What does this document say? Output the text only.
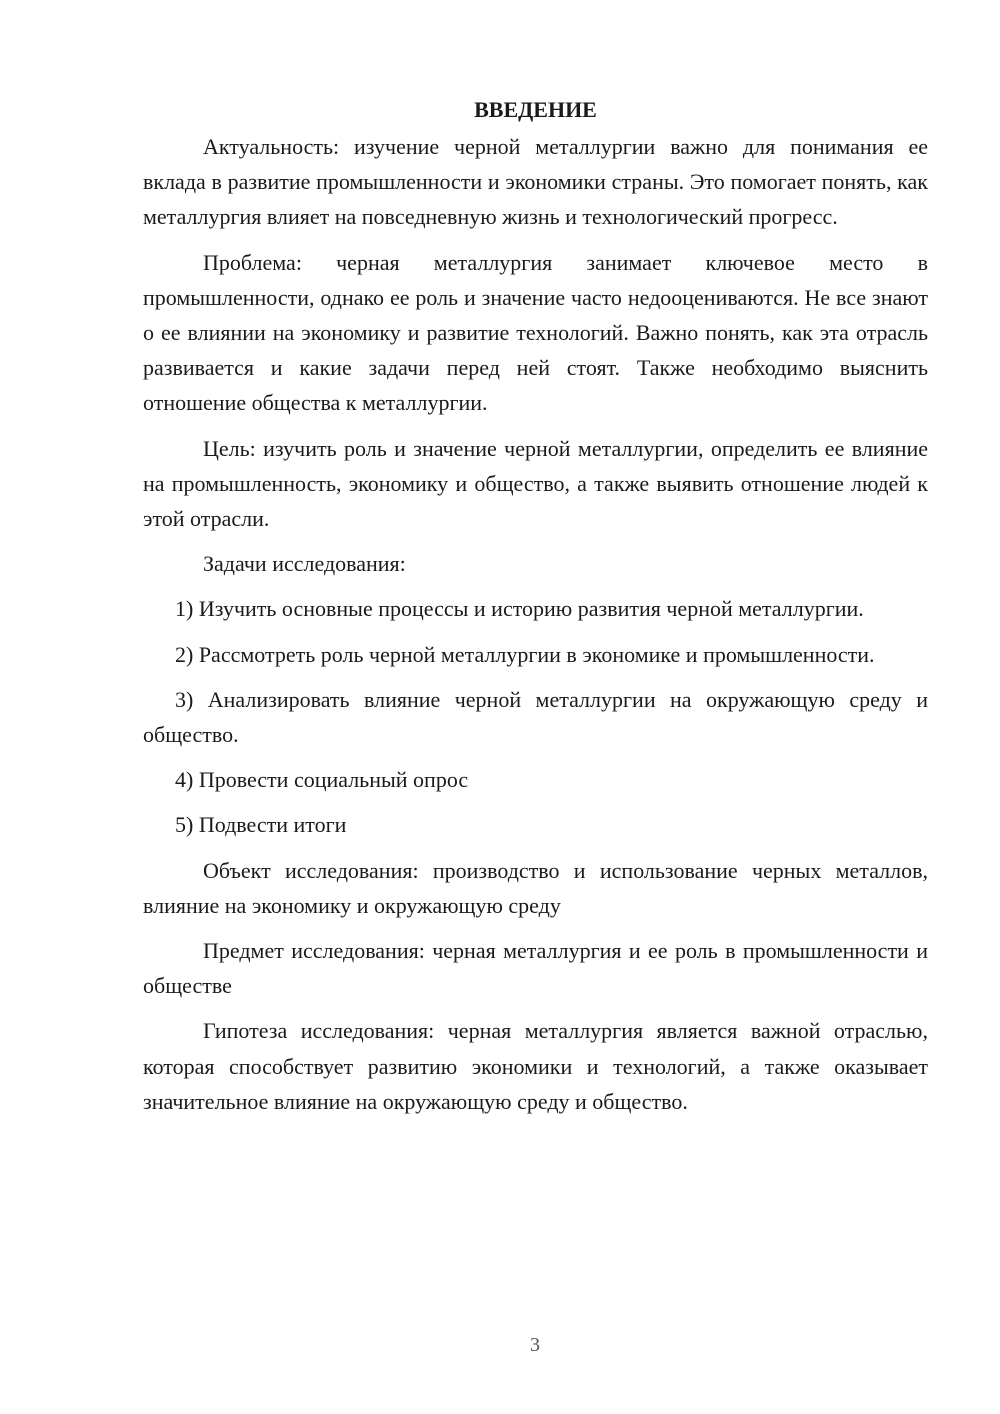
ВВЕДЕНИЕ

Актуальность: изучение черной металлургии важно для понимания ее вклада в развитие промышленности и экономики страны. Это помогает понять, как металлургия влияет на повседневную жизнь и технологический прогресс.

Проблема: черная металлургия занимает ключевое место в промышленности, однако ее роль и значение часто недооцениваются. Не все знают о ее влиянии на экономику и развитие технологий. Важно понять, как эта отрасль развивается и какие задачи перед ней стоят. Также необходимо выяснить отношение общества к металлургии.

Цель: изучить роль и значение черной металлургии, определить ее влияние на промышленность, экономику и общество, а также выявить отношение людей к этой отрасли.

Задачи исследования:

1) Изучить основные процессы и историю развития черной металлургии.

2) Рассмотреть роль черной металлургии в экономике и промышленности.

3) Анализировать влияние черной металлургии на окружающую среду и общество.

4) Провести социальный опрос

5) Подвести итоги

Объект исследования: производство и использование черных металлов, влияние на экономику и окружающую среду

Предмет исследования: черная металлургия и ее роль в промышленности и обществе

Гипотеза исследования: черная металлургия является важной отраслью, которая способствует развитию экономики и технологий, а также оказывает значительное влияние на окружающую среду и общество.

3
